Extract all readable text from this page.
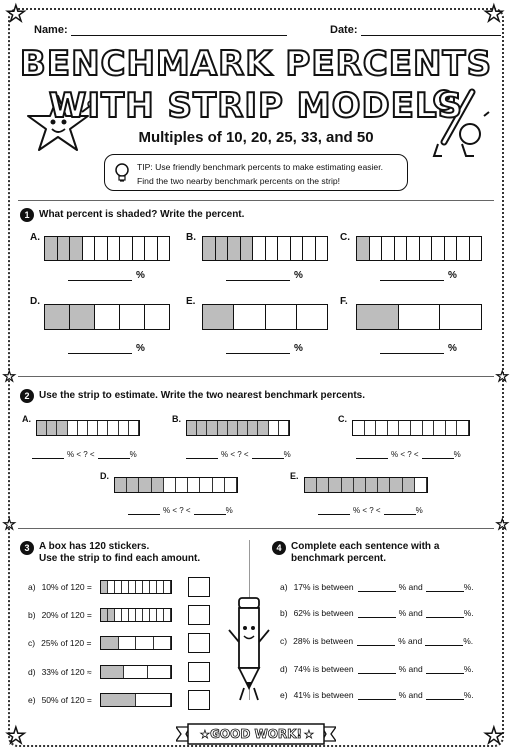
★	★
★	★
★	★
★	★
Name:	Date:
BENCHMARK PERCENTS
WITH STRIP MODELS
Multiples of 10, 20, 25, 33, and 50
TIP: Use friendly benchmark percents to make estimating easier.
Find the two nearby benchmark percents on the strip!
1 What percent is shaded? Write the percent.
A.
%
B.
%
C.
%
D.
%
E.
%
F.
%
2 Use the strip to estimate. Write the two nearest benchmark percents.
A.
% < ? <	%
B.
% < ? <	%
C.
% < ? <	%
D.
% < ? <	%
E.
% < ? <	%
3 A box has 120 stickers.
Use the strip to find each amount.
a) 10% of 120 =
b) 20% of 120 =
c) 25% of 120 =
d) 33% of 120 ≈
e) 50% of 120 =
4 Complete each sentence with a
benchmark percent.
a) 17% is between	% and	%.
b) 62% is between	% and	%.
c) 28% is between	% and	%.
d) 74% is between	% and	%.
e) 41% is between	% and	%.
★	★
GOOD WORK!
